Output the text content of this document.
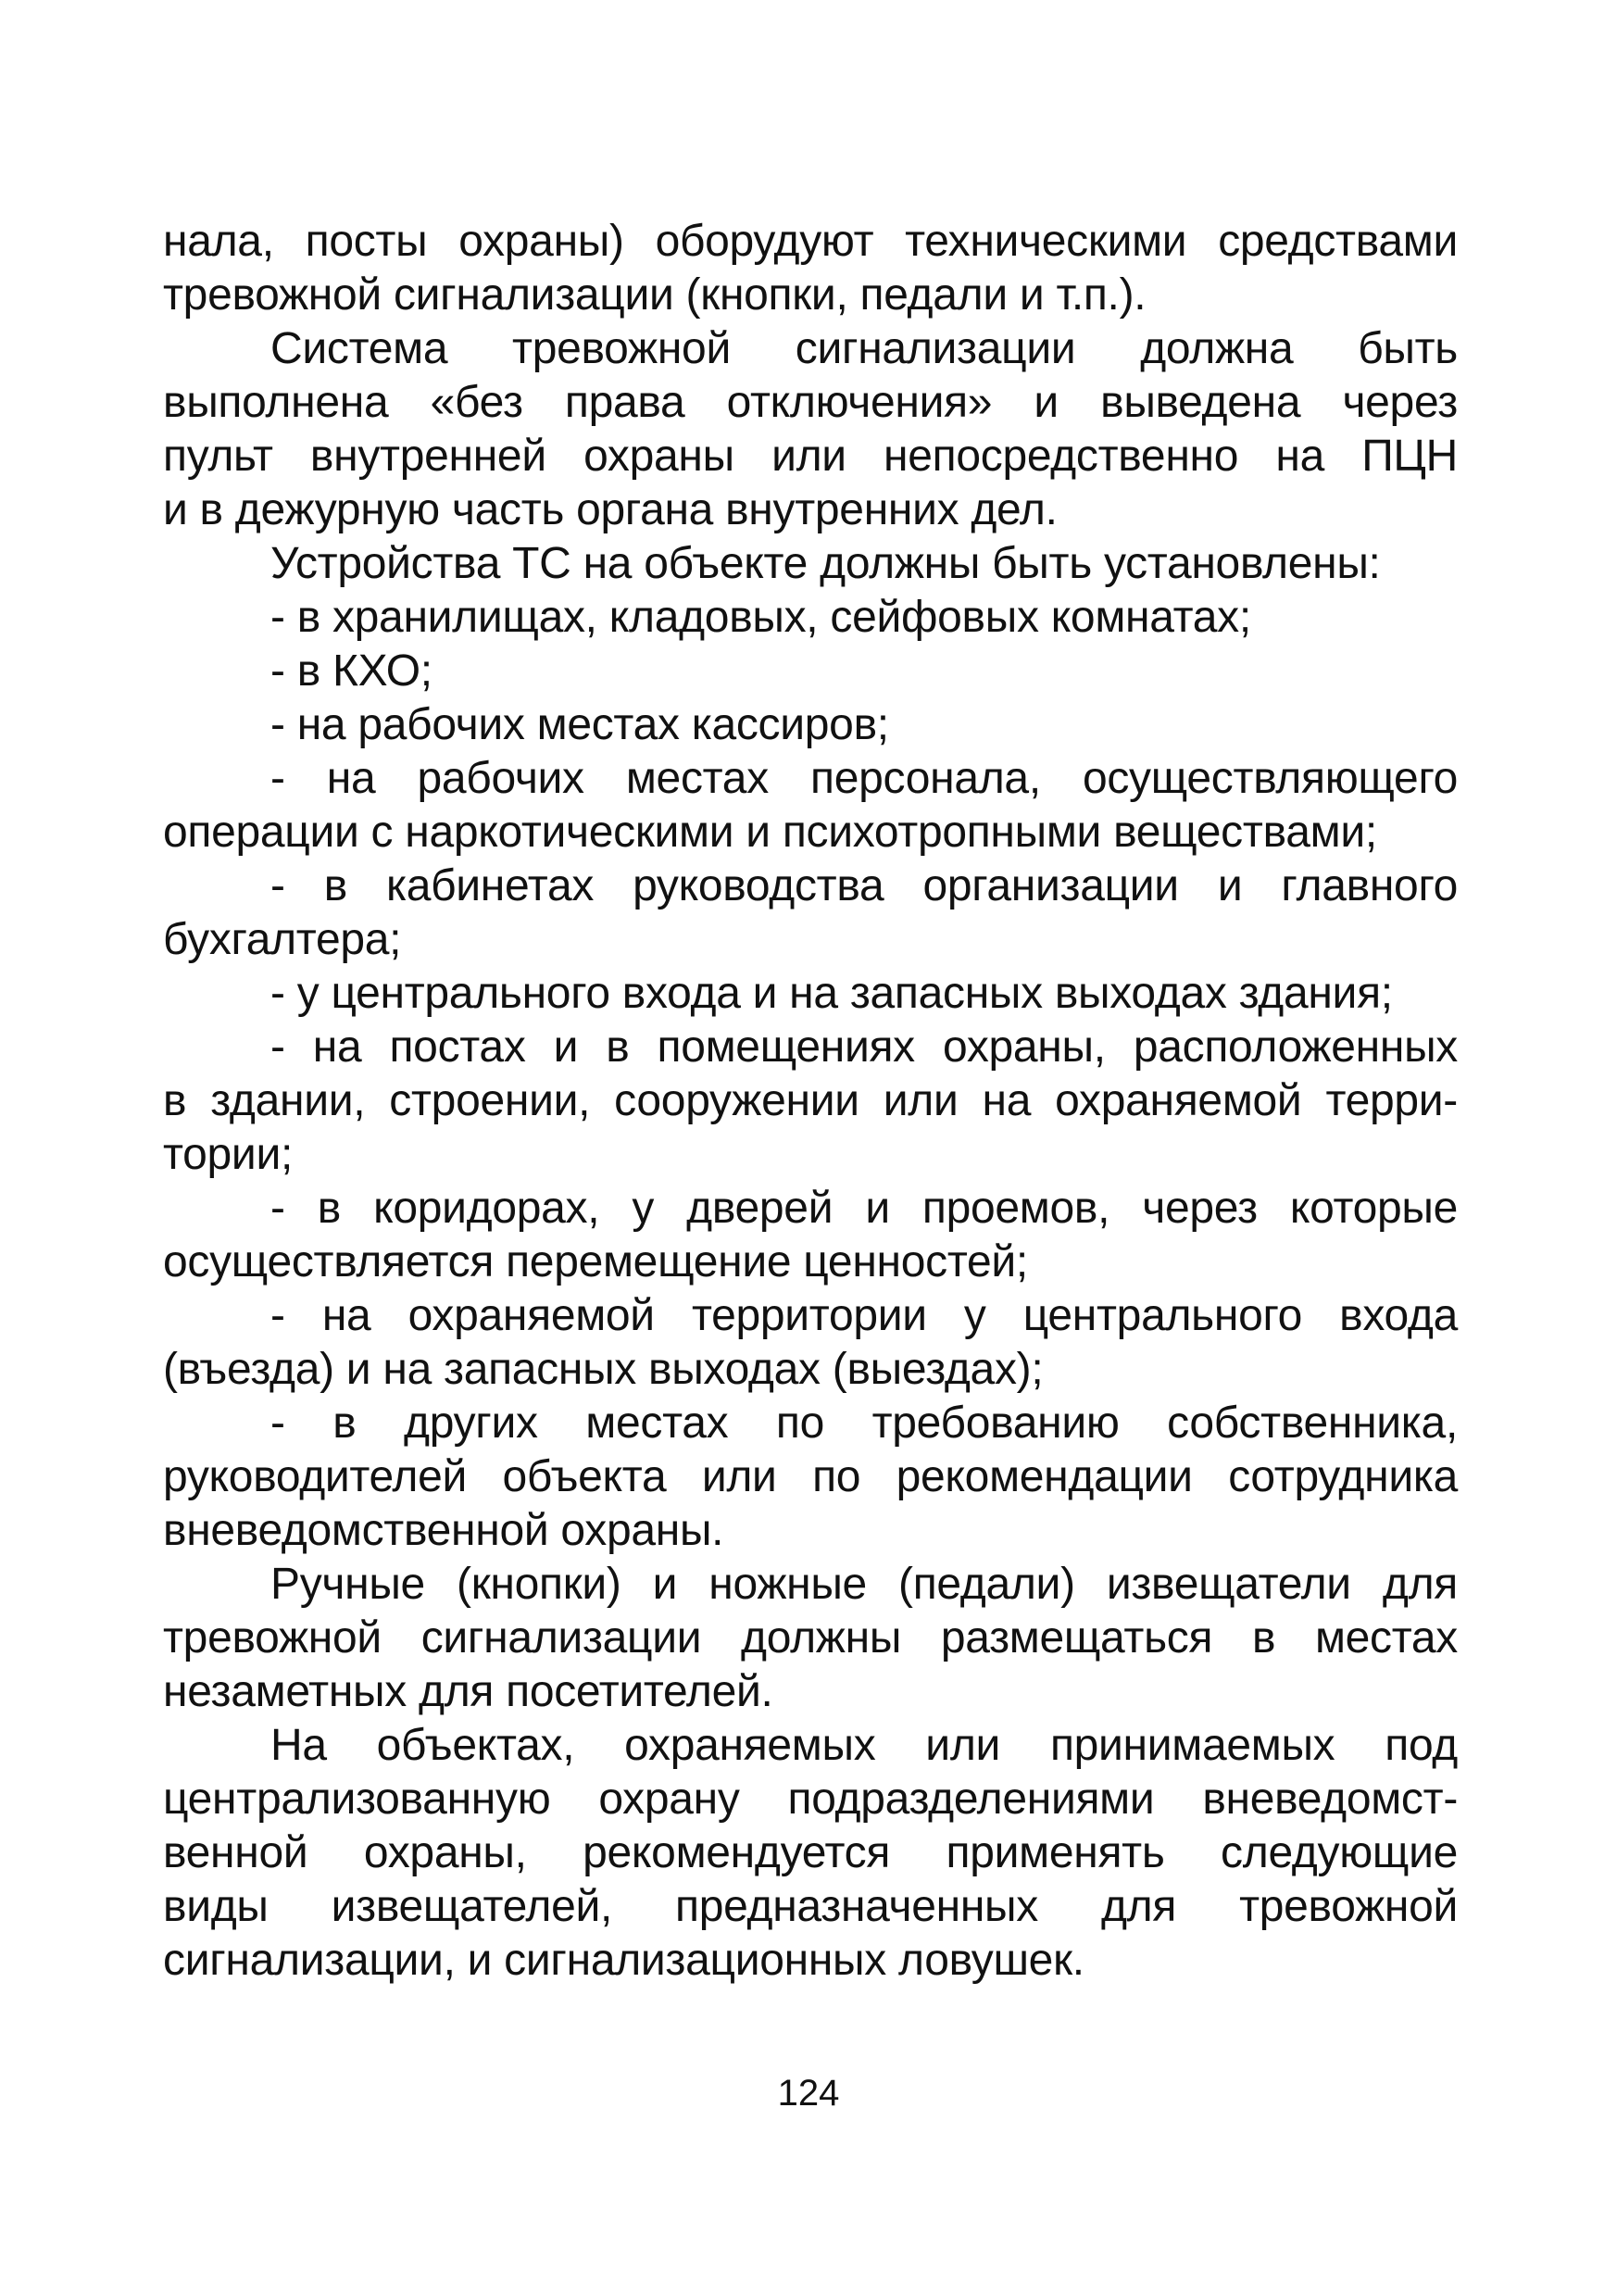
нала, посты охраны) оборудуют техническими средствами
тревожной сигнализации (кнопки, педали и т.п.).
Система тревожной сигнализации должна быть
выполнена «без права отключения» и выведена через
пульт внутренней охраны или непосредственно на ПЦН
и в дежурную часть органа внутренних дел.
Устройства ТС на объекте должны быть установлены:
- в хранилищах, кладовых, сейфовых комнатах;
- в КХО;
- на рабочих местах кассиров;
- на рабочих местах персонала, осуществляющего
операции с наркотическими и психотропными веществами;
- в кабинетах руководства организации и главного
бухгалтера;
- у центрального входа и на запасных выходах здания;
- на постах и в помещениях охраны, расположенных
в здании, строении, сооружении или на охраняемой терри-
тории;
- в коридорах, у дверей и проемов, через которые
осуществляется перемещение ценностей;
- на охраняемой территории у центрального входа
(въезда) и на запасных выходах (выездах);
- в других местах по требованию собственника,
руководителей объекта или по рекомендации сотрудника
вневедомственной охраны.
Ручные (кнопки) и ножные (педали) извещатели для
тревожной сигнализации должны размещаться в местах
незаметных для посетителей.
На объектах, охраняемых или принимаемых под
централизованную охрану подразделениями вневедомст-
венной охраны, рекомендуется применять следующие
виды извещателей, предназначенных для тревожной
сигнализации, и сигнализационных ловушек.
124
